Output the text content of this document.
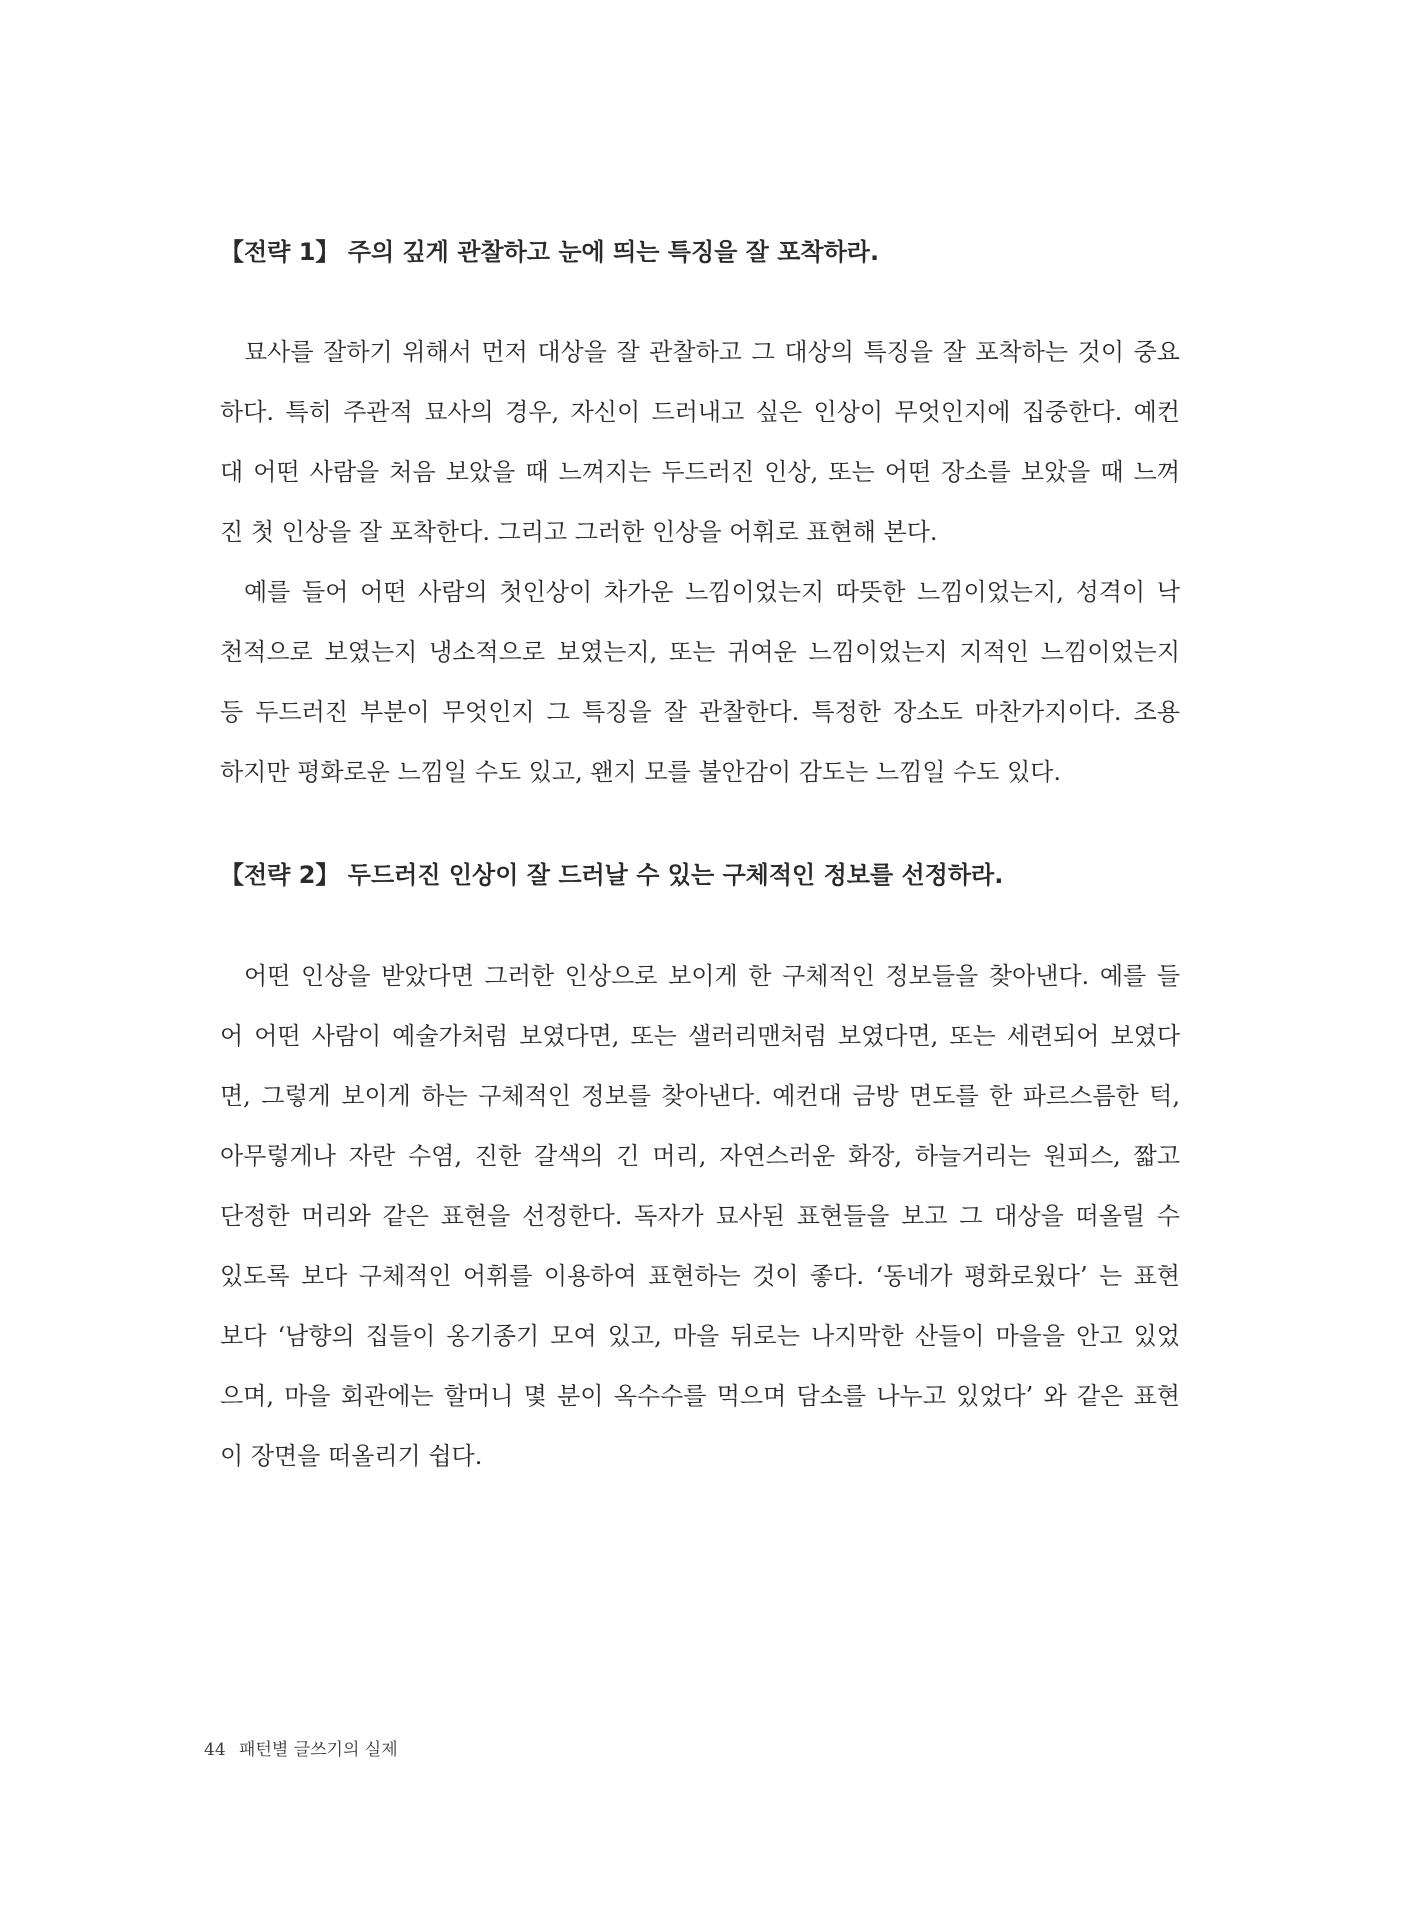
【전략 1】 주의 깊게 관찰하고 눈에 띄는 특징을 잘 포착하라.
묘사를 잘하기 위해서 먼저 대상을 잘 관찰하고 그 대상의 특징을 잘 포착하는 것이 중요
하다. 특히 주관적 묘사의 경우, 자신이 드러내고 싶은 인상이 무엇인지에 집중한다. 예컨
대 어떤 사람을 처음 보았을 때 느껴지는 두드러진 인상, 또는 어떤 장소를 보았을 때 느껴
진 첫 인상을 잘 포착한다. 그리고 그러한 인상을 어휘로 표현해 본다.
예를 들어 어떤 사람의 첫인상이 차가운 느낌이었는지 따뜻한 느낌이었는지, 성격이 낙
천적으로 보였는지 냉소적으로 보였는지, 또는 귀여운 느낌이었는지 지적인 느낌이었는지
등 두드러진 부분이 무엇인지 그 특징을 잘 관찰한다. 특정한 장소도 마찬가지이다. 조용
하지만 평화로운 느낌일 수도 있고, 왠지 모를 불안감이 감도는 느낌일 수도 있다.
【전략 2】 두드러진 인상이 잘 드러날 수 있는 구체적인 정보를 선정하라.
어떤 인상을 받았다면 그러한 인상으로 보이게 한 구체적인 정보들을 찾아낸다. 예를 들
어 어떤 사람이 예술가처럼 보였다면, 또는 샐러리맨처럼 보였다면, 또는 세련되어 보였다
면, 그렇게 보이게 하는 구체적인 정보를 찾아낸다. 예컨대 금방 면도를 한 파르스름한 턱,
아무렇게나 자란 수염, 진한 갈색의 긴 머리, 자연스러운 화장, 하늘거리는 원피스, 짧고
단정한 머리와 같은 표현을 선정한다. 독자가 묘사된 표현들을 보고 그 대상을 떠올릴 수
있도록 보다 구체적인 어휘를 이용하여 표현하는 것이 좋다. ‘동네가 평화로웠다’ 는 표현
보다 ‘남향의 집들이 옹기종기 모여 있고, 마을 뒤로는 나지막한 산들이 마을을 안고 있었
으며, 마을 회관에는 할머니 몇 분이 옥수수를 먹으며 담소를 나누고 있었다’ 와 같은 표현
이 장면을 떠올리기 쉽다.
44 패턴별 글쓰기의 실제
